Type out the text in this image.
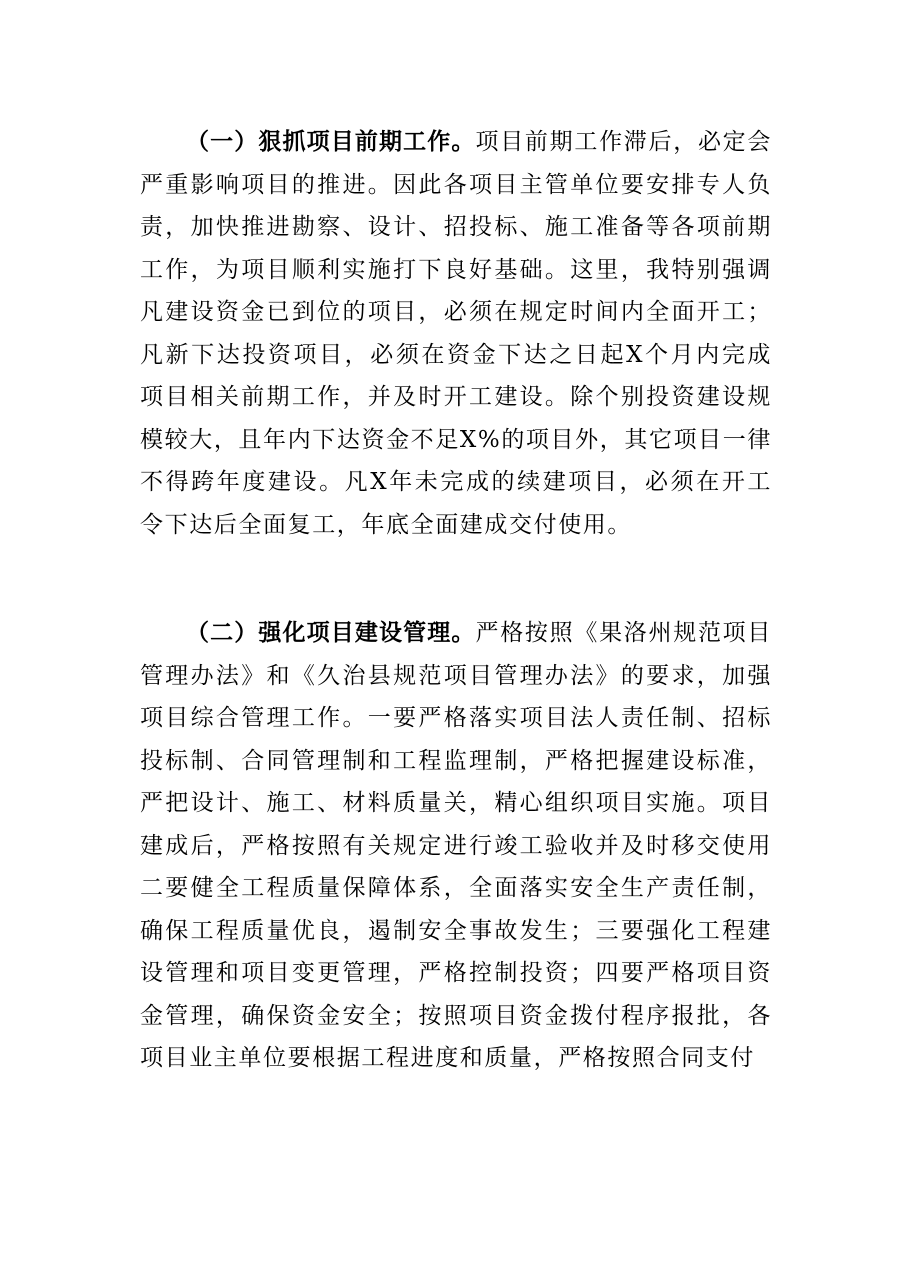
（一）狠抓项目前期工作。项目前期工作滞后，必定会严重影响项目的推进。因此各项目主管单位要安排专人负责，加快推进勘察、设计、招投标、施工准备等各项前期工作，为项目顺利实施打下良好基础。这里，我特别强调凡建设资金已到位的项目，必须在规定时间内全面开工；凡新下达投资项目，必须在资金下达之日起X个月内完成项目相关前期工作，并及时开工建设。除个别投资建设规模较大，且年内下达资金不足X%的项目外，其它项目一律不得跨年度建设。凡X年未完成的续建项目，必须在开工令下达后全面复工，年底全面建成交付使用。

（二）强化项目建设管理。严格按照《果洛州规范项目管理办法》和《久治县规范项目管理办法》的要求，加强项目综合管理工作。一要严格落实项目法人责任制、招标投标制、合同管理制和工程监理制，严格把握建设标准，严把设计、施工、材料质量关，精心组织项目实施。项目建成后，严格按照有关规定进行竣工验收并及时移交使用二要健全工程质量保障体系，全面落实安全生产责任制，确保工程质量优良，遏制安全事故发生；三要强化工程建设管理和项目变更管理，严格控制投资；四要严格项目资金管理，确保资金安全；按照项目资金拨付程序报批，各项目业主单位要根据工程进度和质量，严格按照合同支付
